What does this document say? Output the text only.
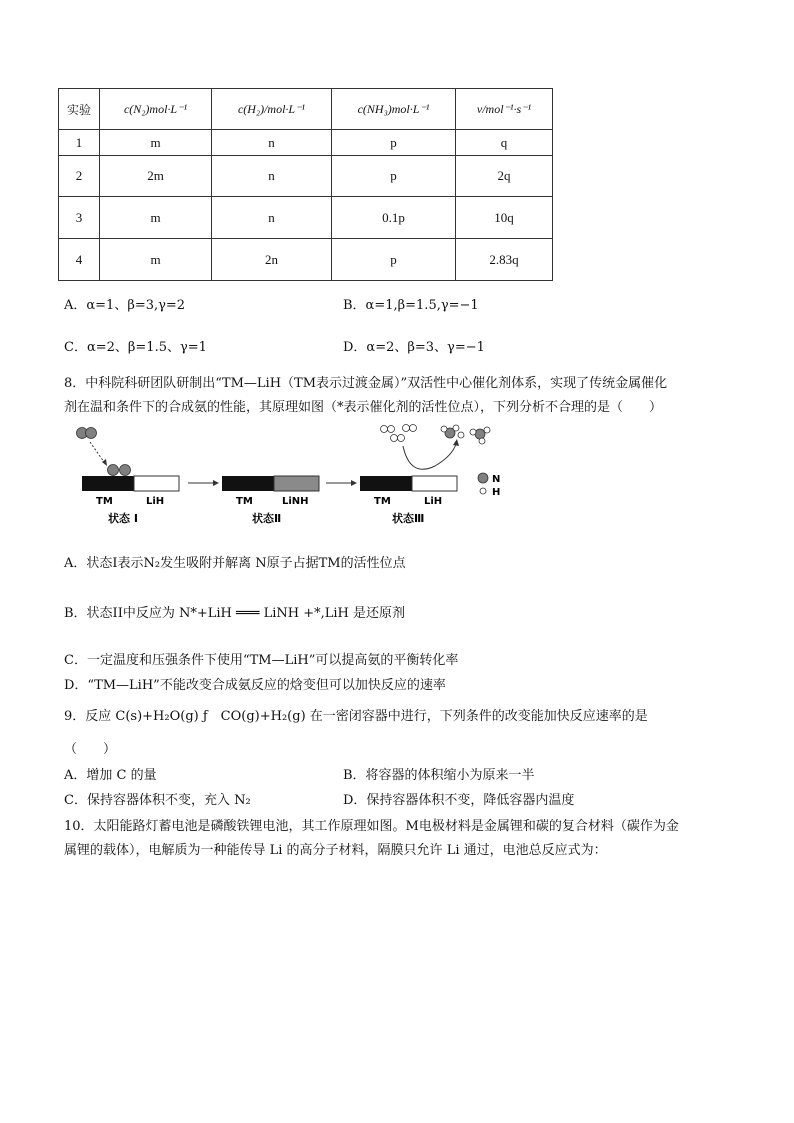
实验	c(N₂)mol·L⁻¹	c(H₂)/mol·L⁻¹	c(NH₃)mol·L⁻¹	v/mol⁻¹·s⁻¹
1	m	n	p	q
2	2m	n	p	2q
3	m	n	0.1p	10q
4	m	2n	p	2.83q
A．α=1、β=3,γ=2	B．α=1,β=1.5,γ=−1
C．α=2、β=1.5、γ=1	D．α=2、β=3、γ=−1
8．中科院科研团队研制出“TM—LiH（TM表示过渡金属）”双活性中心催化剂体系，实现了传统金属催化
剂在温和条件下的合成氨的性能，其原理如图（*表示催化剂的活性位点），下列分析不合理的是（　　）
TM	LiH
状态 Ⅰ
TM	LiNH
状态Ⅱ
TM	LiH
状态Ⅲ
N
H
A．状态Ⅰ表示N₂发生吸附并解离 N原子占据TM的活性位点
B．状态II中反应为 N*+LiH ═══ LiNH +*,LiH 是还原剂
C．一定温度和压强条件下使用“TM—LiH”可以提高氨的平衡转化率
D．“TM—LiH”不能改变合成氨反应的焓变但可以加快反应的速率
9．反应 C(s)+H₂O(g) ƒ　CO(g)+H₂(g) 在一密闭容器中进行，下列条件的改变能加快反应速率的是
（　　）
A．增加 C 的量	B．将容器的体积缩小为原来一半
C．保持容器体积不变，充入 N₂	D．保持容器体积不变，降低容器内温度
10．太阳能路灯蓄电池是磷酸铁锂电池，其工作原理如图。M电极材料是金属锂和碳的复合材料（碳作为金
属锂的载体），电解质为一种能传导 Li 的高分子材料，隔膜只允许 Li 通过，电池总反应式为：
